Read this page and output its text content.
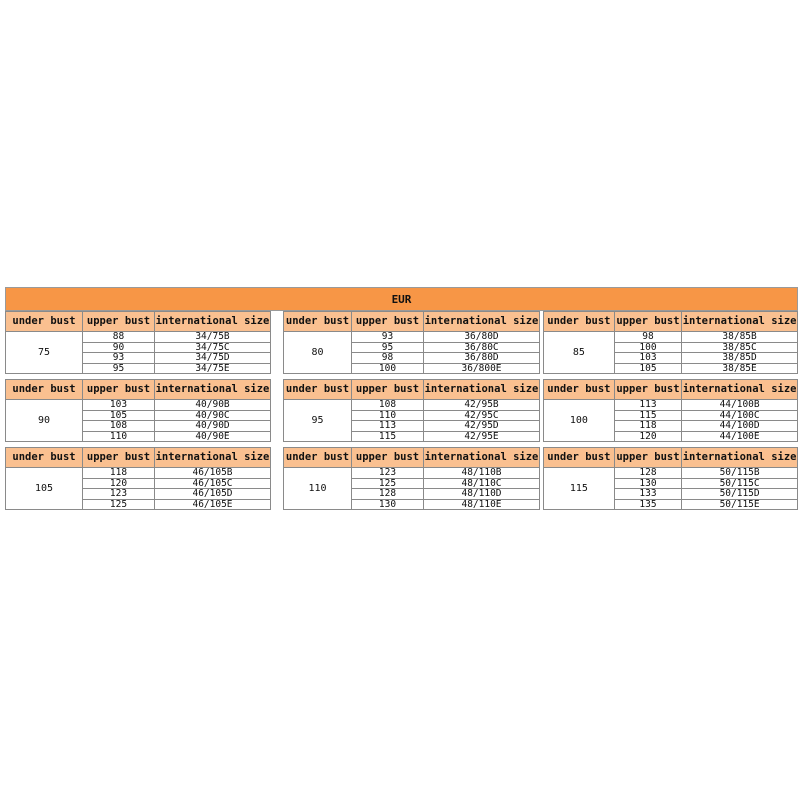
EUR
under bust	upper bust	international size
75	88	34/75B
	90	34/75C
	93	34/75D
	95	34/75E
under bust	upper bust	international size
80	93	36/80D
	95	36/80C
	98	36/80D
	100	36/800E
under bust	upper bust	international size
85	98	38/85B
	100	38/85C
	103	38/85D
	105	38/85E
under bust	upper bust	international size
90	103	40/90B
	105	40/90C
	108	40/90D
	110	40/90E
under bust	upper bust	international size
95	108	42/95B
	110	42/95C
	113	42/95D
	115	42/95E
under bust	upper bust	international size
100	113	44/100B
	115	44/100C
	118	44/100D
	120	44/100E
under bust	upper bust	international size
105	118	46/105B
	120	46/105C
	123	46/105D
	125	46/105E
under bust	upper bust	international size
110	123	48/110B
	125	48/110C
	128	48/110D
	130	48/110E
under bust	upper bust	international size
115	128	50/115B
	130	50/115C
	133	50/115D
	135	50/115E
